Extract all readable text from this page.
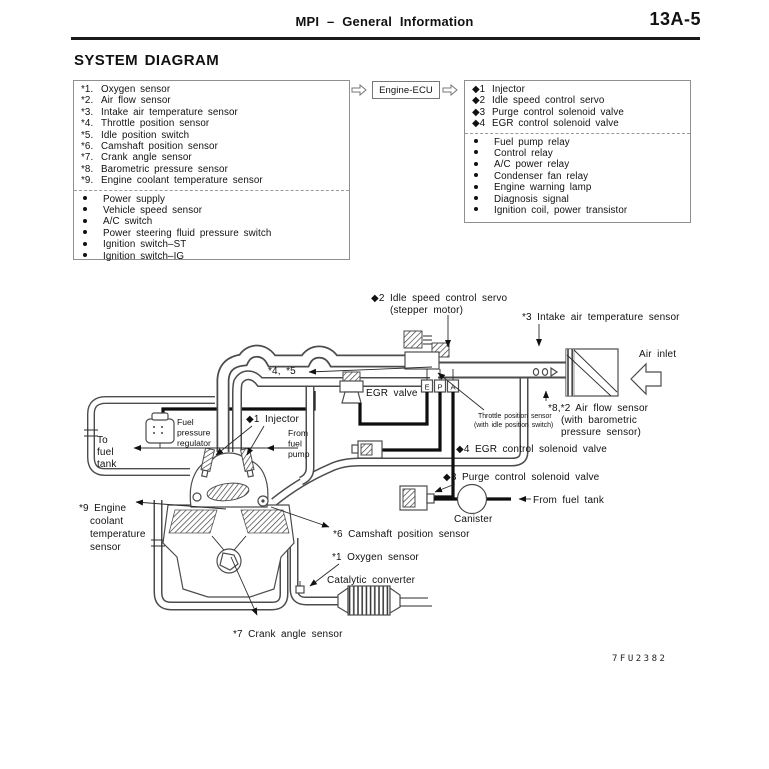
MPI – General Information	13A-5
SYSTEM DIAGRAM
*1. Oxygen sensor
*2. Air flow sensor
*3. Intake air temperature sensor
*4. Throttle position sensor
*5. Idle position switch
*6. Camshaft position sensor
*7. Crank angle sensor
*8. Barometric pressure sensor
*9. Engine coolant temperature sensor
Power supply
Vehicle speed sensor
A/C switch
Power steering fluid pressure switch
Ignition switch–ST
Ignition switch–IG
Engine-ECU	◆1 Injector
◆2 Idle speed control servo
◆3 Purge control solenoid valve
◆4 EGR control solenoid valve
Fuel pump relay
Control relay
A/C power relay
Condenser fan relay
Engine warning lamp
Diagnosis signal
Ignition coil, power transistor
E P A
◆2 Idle speed control servo
(stepper motor)
*3 Intake air temperature sensor
Air inlet
*4, *5
EGR valve
◆1 Injector
Fuel
pressure
regulator
From
fuel
pump
To
fuel
tank
Throttle position sensor
(with idle position switch)
*8,*2 Air flow sensor
(with barometric
pressure sensor)
◆4 EGR control solenoid valve
◆3 Purge control solenoid valve
Canister
From fuel tank
*9 Engine
coolant
temperature
sensor
*6 Camshaft position sensor
*1 Oxygen sensor
Catalytic converter
*7 Crank angle sensor
7FU2382
